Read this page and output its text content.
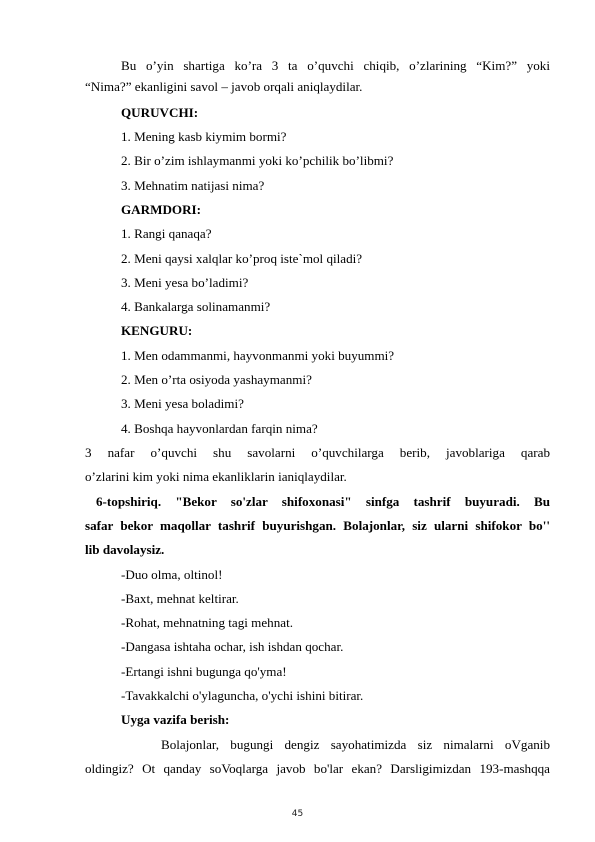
Bu o’yin shartiga ko’ra 3 ta o’quvchi chiqib, o’zlarining “Kim?” yoki
“Nima?” ekanligini savol – javob orqali aniqlaydilar.
QURUVCHI:
1. Mening kasb kiymim bormi?
2. Bir o’zim ishlaymanmi yoki ko’pchilik bo’libmi?
3. Mehnatim natijasi nima?
GARMDORI:
1. Rangi qanaqa?
2. Meni qaysi xalqlar ko’proq iste`mol qiladi?
3. Meni yesa bo’ladimi?
4. Bankalarga solinamanmi?
KENGURU:
1. Men odammanmi, hayvonmanmi yoki buyummi?
2. Men o’rta osiyoda yashaymanmi?
3. Meni yesa boladimi?
4. Boshqa hayvonlardan farqin nima?
3 nafar o’quvchi shu savolarni o’quvchilarga berib, javoblariga qarab
o’zlarini kim yoki nima ekanliklarin ianiqlaydilar.
6-topshiriq. "Bekor so'zlar shifoxonasi" sinfga tashrif buyuradi. Bu
safar bekor maqollar tashrif buyurishgan. Bolajonlar, siz ularni shifokor bo''
lib davolaysiz.
-Duo olma, oltinol!
-Baxt, mehnat keltirar.
-Rohat, mehnatning tagi mehnat.
-Dangasa ishtaha ochar, ish ishdan qochar.
-Ertangi ishni bugunga qo'yma!
-Tavakkalchi o'ylaguncha, o'ychi ishini bitirar.
Uyga vazifa berish:
Bolajonlar, bugungi dengiz sayohatimizda siz nimalarni oVganib
oldingiz? Ot qanday soVoqlarga javob bo'lar ekan? Darsligimizdan 193-mashqqa
45
